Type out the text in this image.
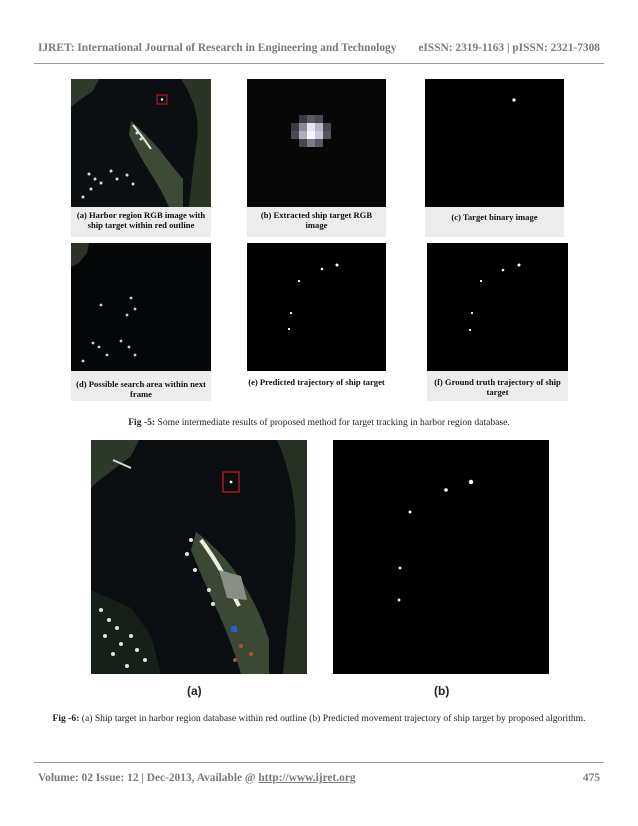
IJRET: International Journal of Research in Engineering and Technology eISSN: 2319-1163 | pISSN: 2321-7308
(a) Harbor region RGB image with ship target within red outline
(b) Extracted ship target RGB image
(c) Target binary image
(d) Possible search area within next frame
(e) Predicted trajectory of ship target	(f) Ground truth trajectory of ship target
Fig -5: Some intermediate results of proposed method for target tracking in harbor region database.
(a)	(b)
Fig -6: (a) Ship target in harbor region database within red outline (b) Predicted movement trajectory of ship target by proposed algorithm.
Volume: 02 Issue: 12 | Dec-2013, Available @ http://www.ijret.org	475
